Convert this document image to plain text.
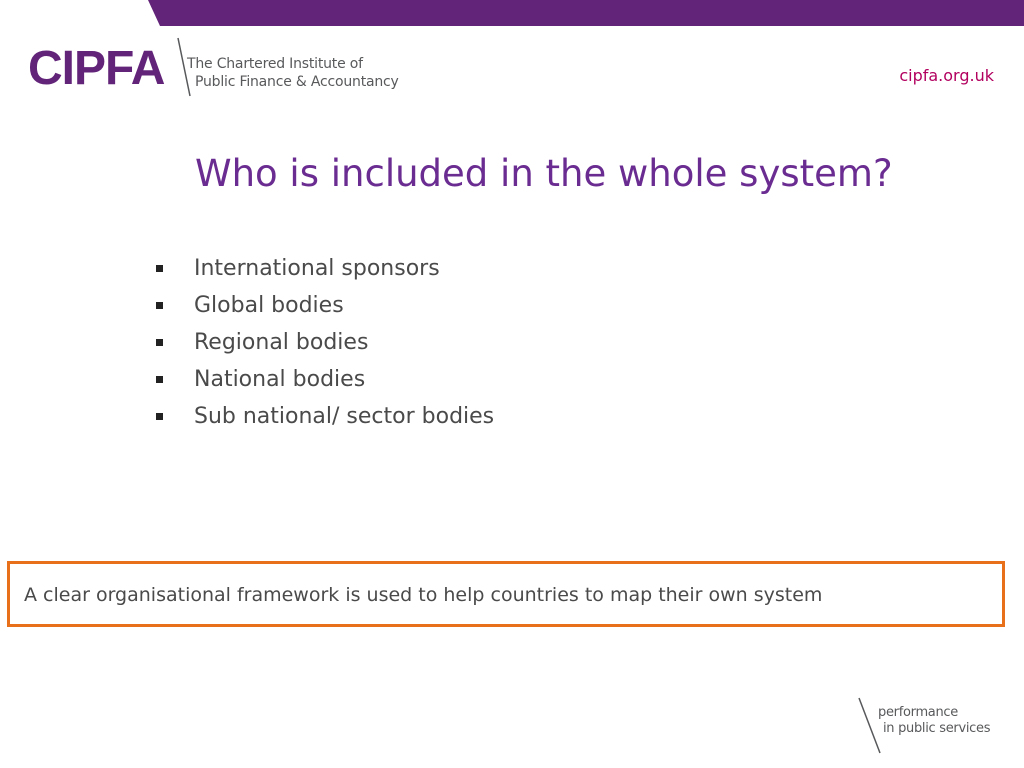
CIPFA The Chartered Institute of
Public Finance & Accountancy	cipfa.org.uk
Who is included in the whole system?
International sponsors
Global bodies
Regional bodies
National bodies
Sub national/ sector bodies
A clear organisational framework is used to help countries to map their own system
performance
in public services
